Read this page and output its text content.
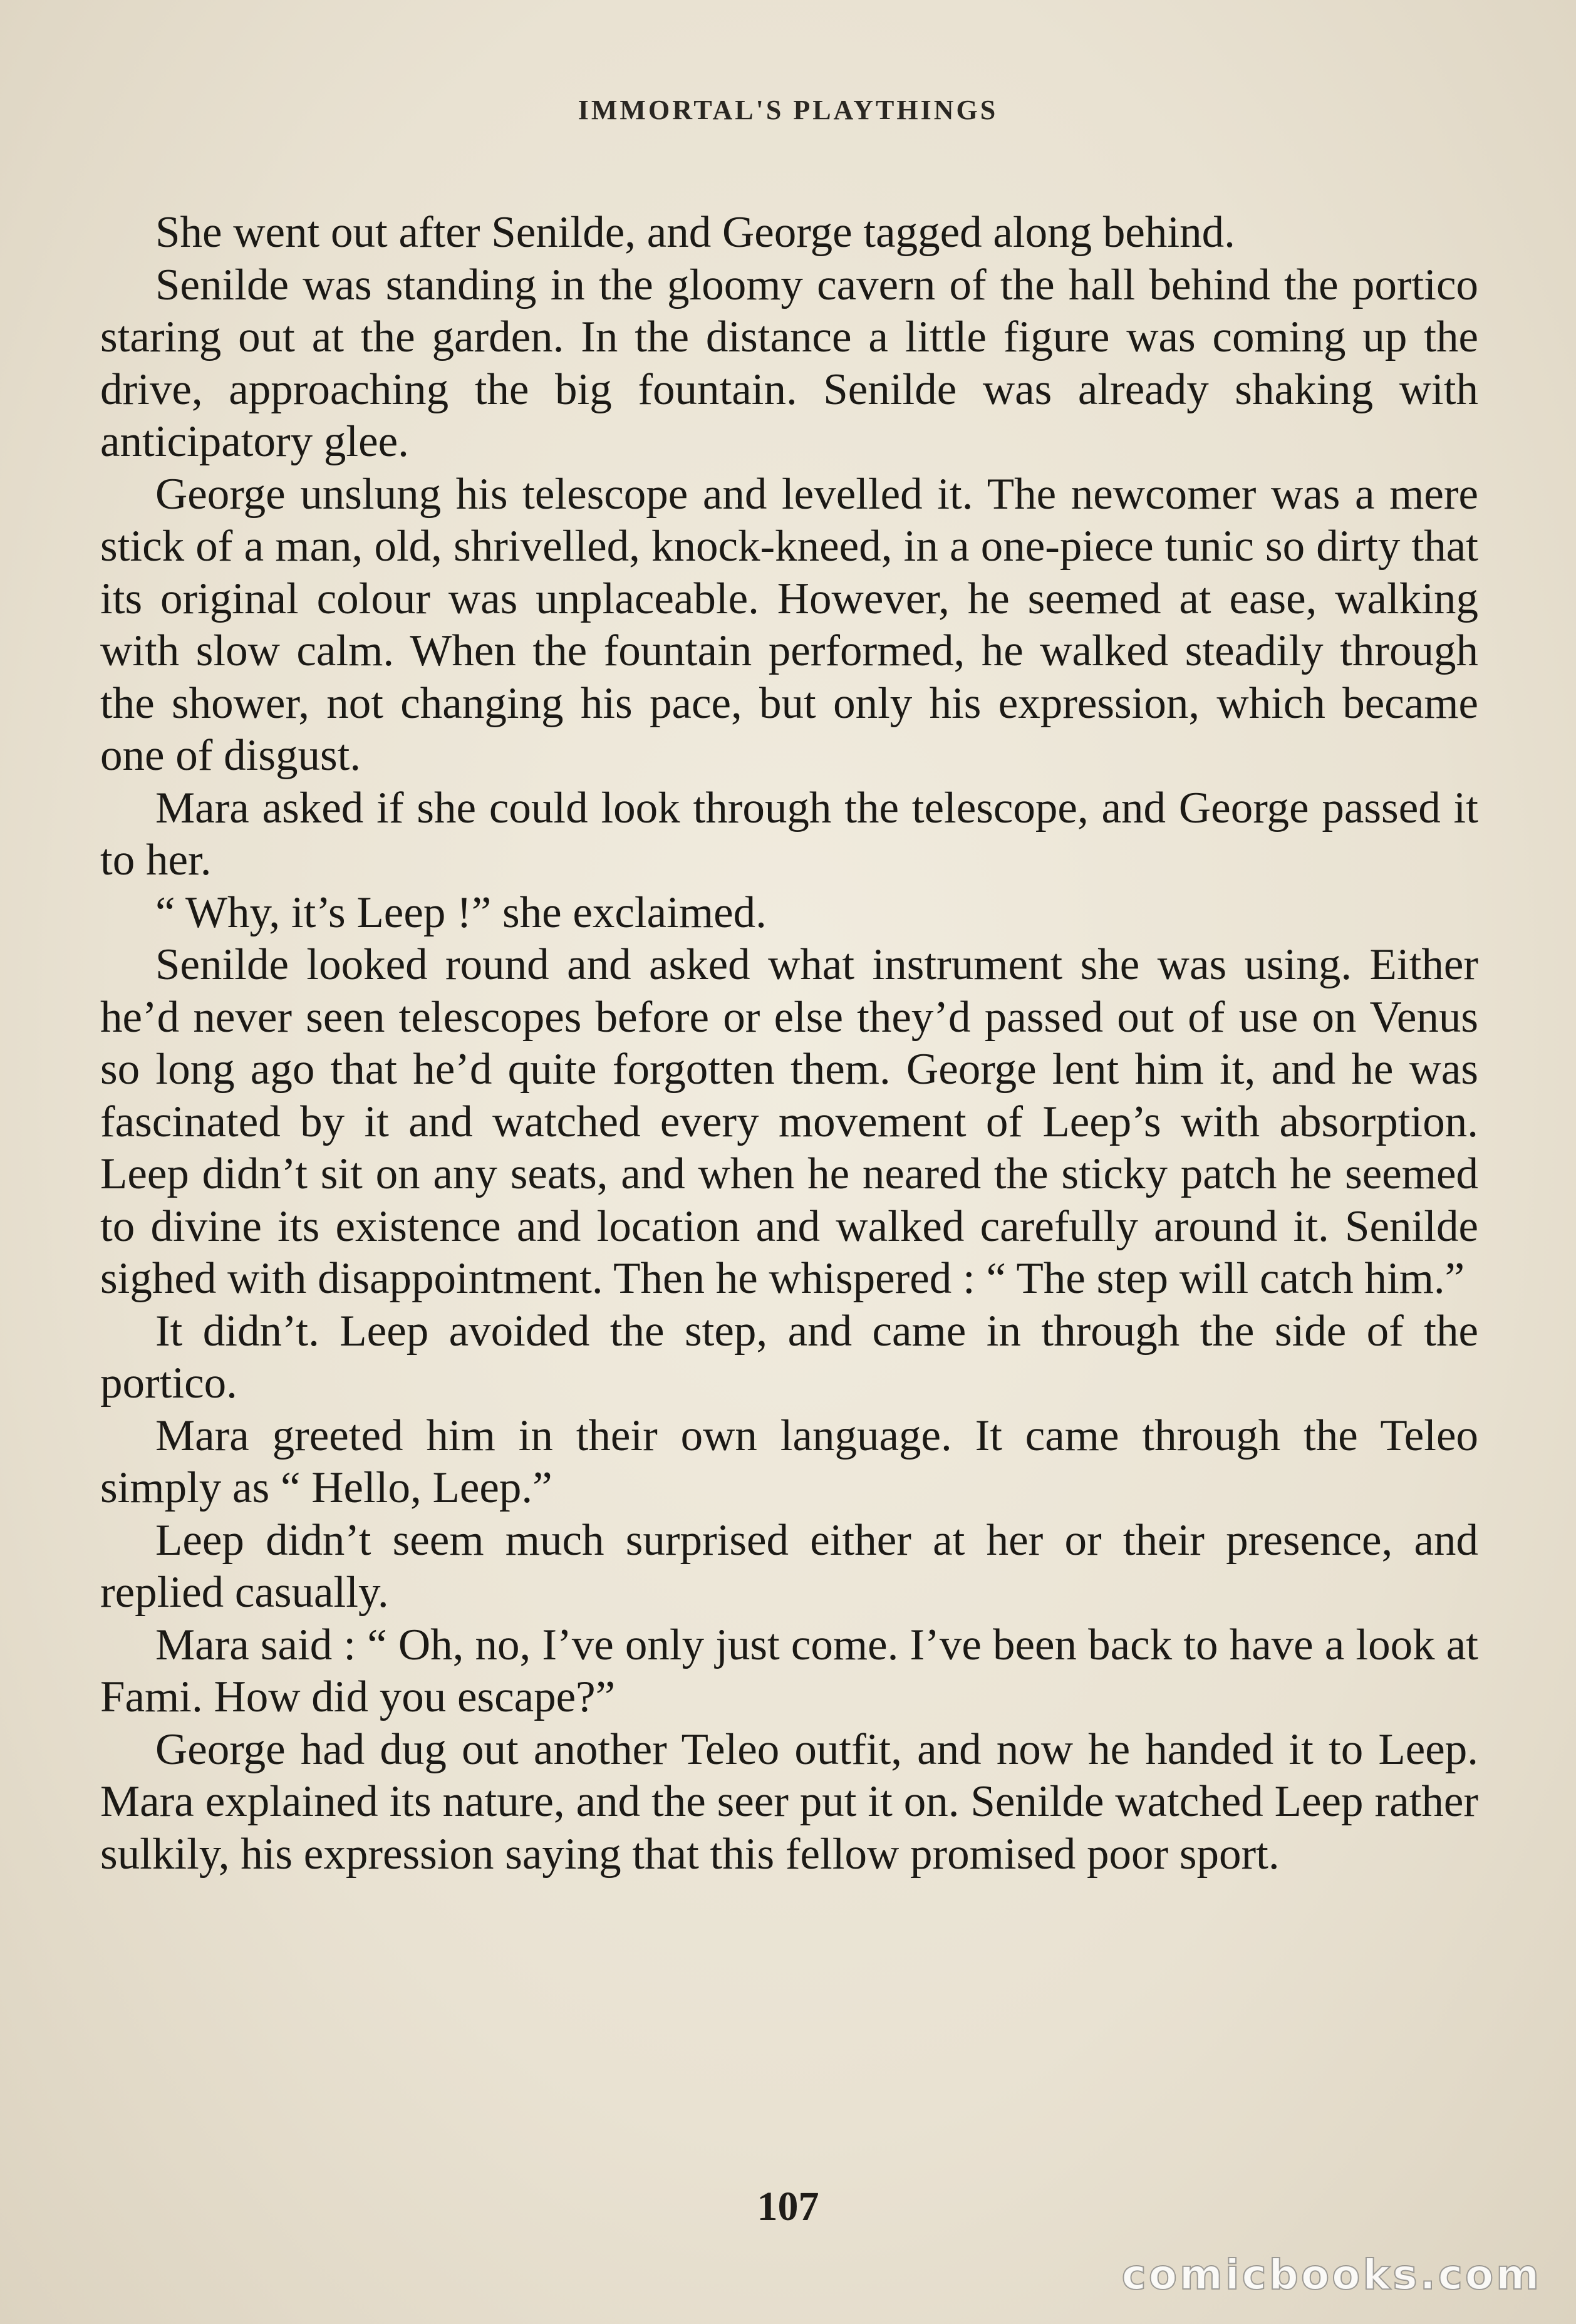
IMMORTAL'S PLAYTHINGS

She went out after Senilde, and George tagged along behind.

Senilde was standing in the gloomy cavern of the hall behind the portico staring out at the garden. In the distance a little figure was coming up the drive, approaching the big fountain. Senilde was already shaking with anticipatory glee.

George unslung his telescope and levelled it. The newcomer was a mere stick of a man, old, shrivelled, knock-kneed, in a one-piece tunic so dirty that its original colour was unplaceable. However, he seemed at ease, walking with slow calm. When the fountain performed, he walked steadily through the shower, not changing his pace, but only his expression, which became one of disgust.

Mara asked if she could look through the telescope, and George passed it to her.

“ Why, it’s Leep !” she exclaimed.

Senilde looked round and asked what instrument she was using. Either he’d never seen telescopes before or else they’d passed out of use on Venus so long ago that he’d quite forgotten them. George lent him it, and he was fascinated by it and watched every movement of Leep’s with absorption. Leep didn’t sit on any seats, and when he neared the sticky patch he seemed to divine its existence and location and walked carefully around it. Senilde sighed with disappointment. Then he whispered : “ The step will catch him.”

It didn’t. Leep avoided the step, and came in through the side of the portico.

Mara greeted him in their own language. It came through the Teleo simply as “ Hello, Leep.”

Leep didn’t seem much surprised either at her or their presence, and replied casually.

Mara said : “ Oh, no, I’ve only just come. I’ve been back to have a look at Fami. How did you escape?”

George had dug out another Teleo outfit, and now he handed it to Leep. Mara explained its nature, and the seer put it on. Senilde watched Leep rather sulkily, his expression saying that this fellow promised poor sport.

107
comicbooks.com
